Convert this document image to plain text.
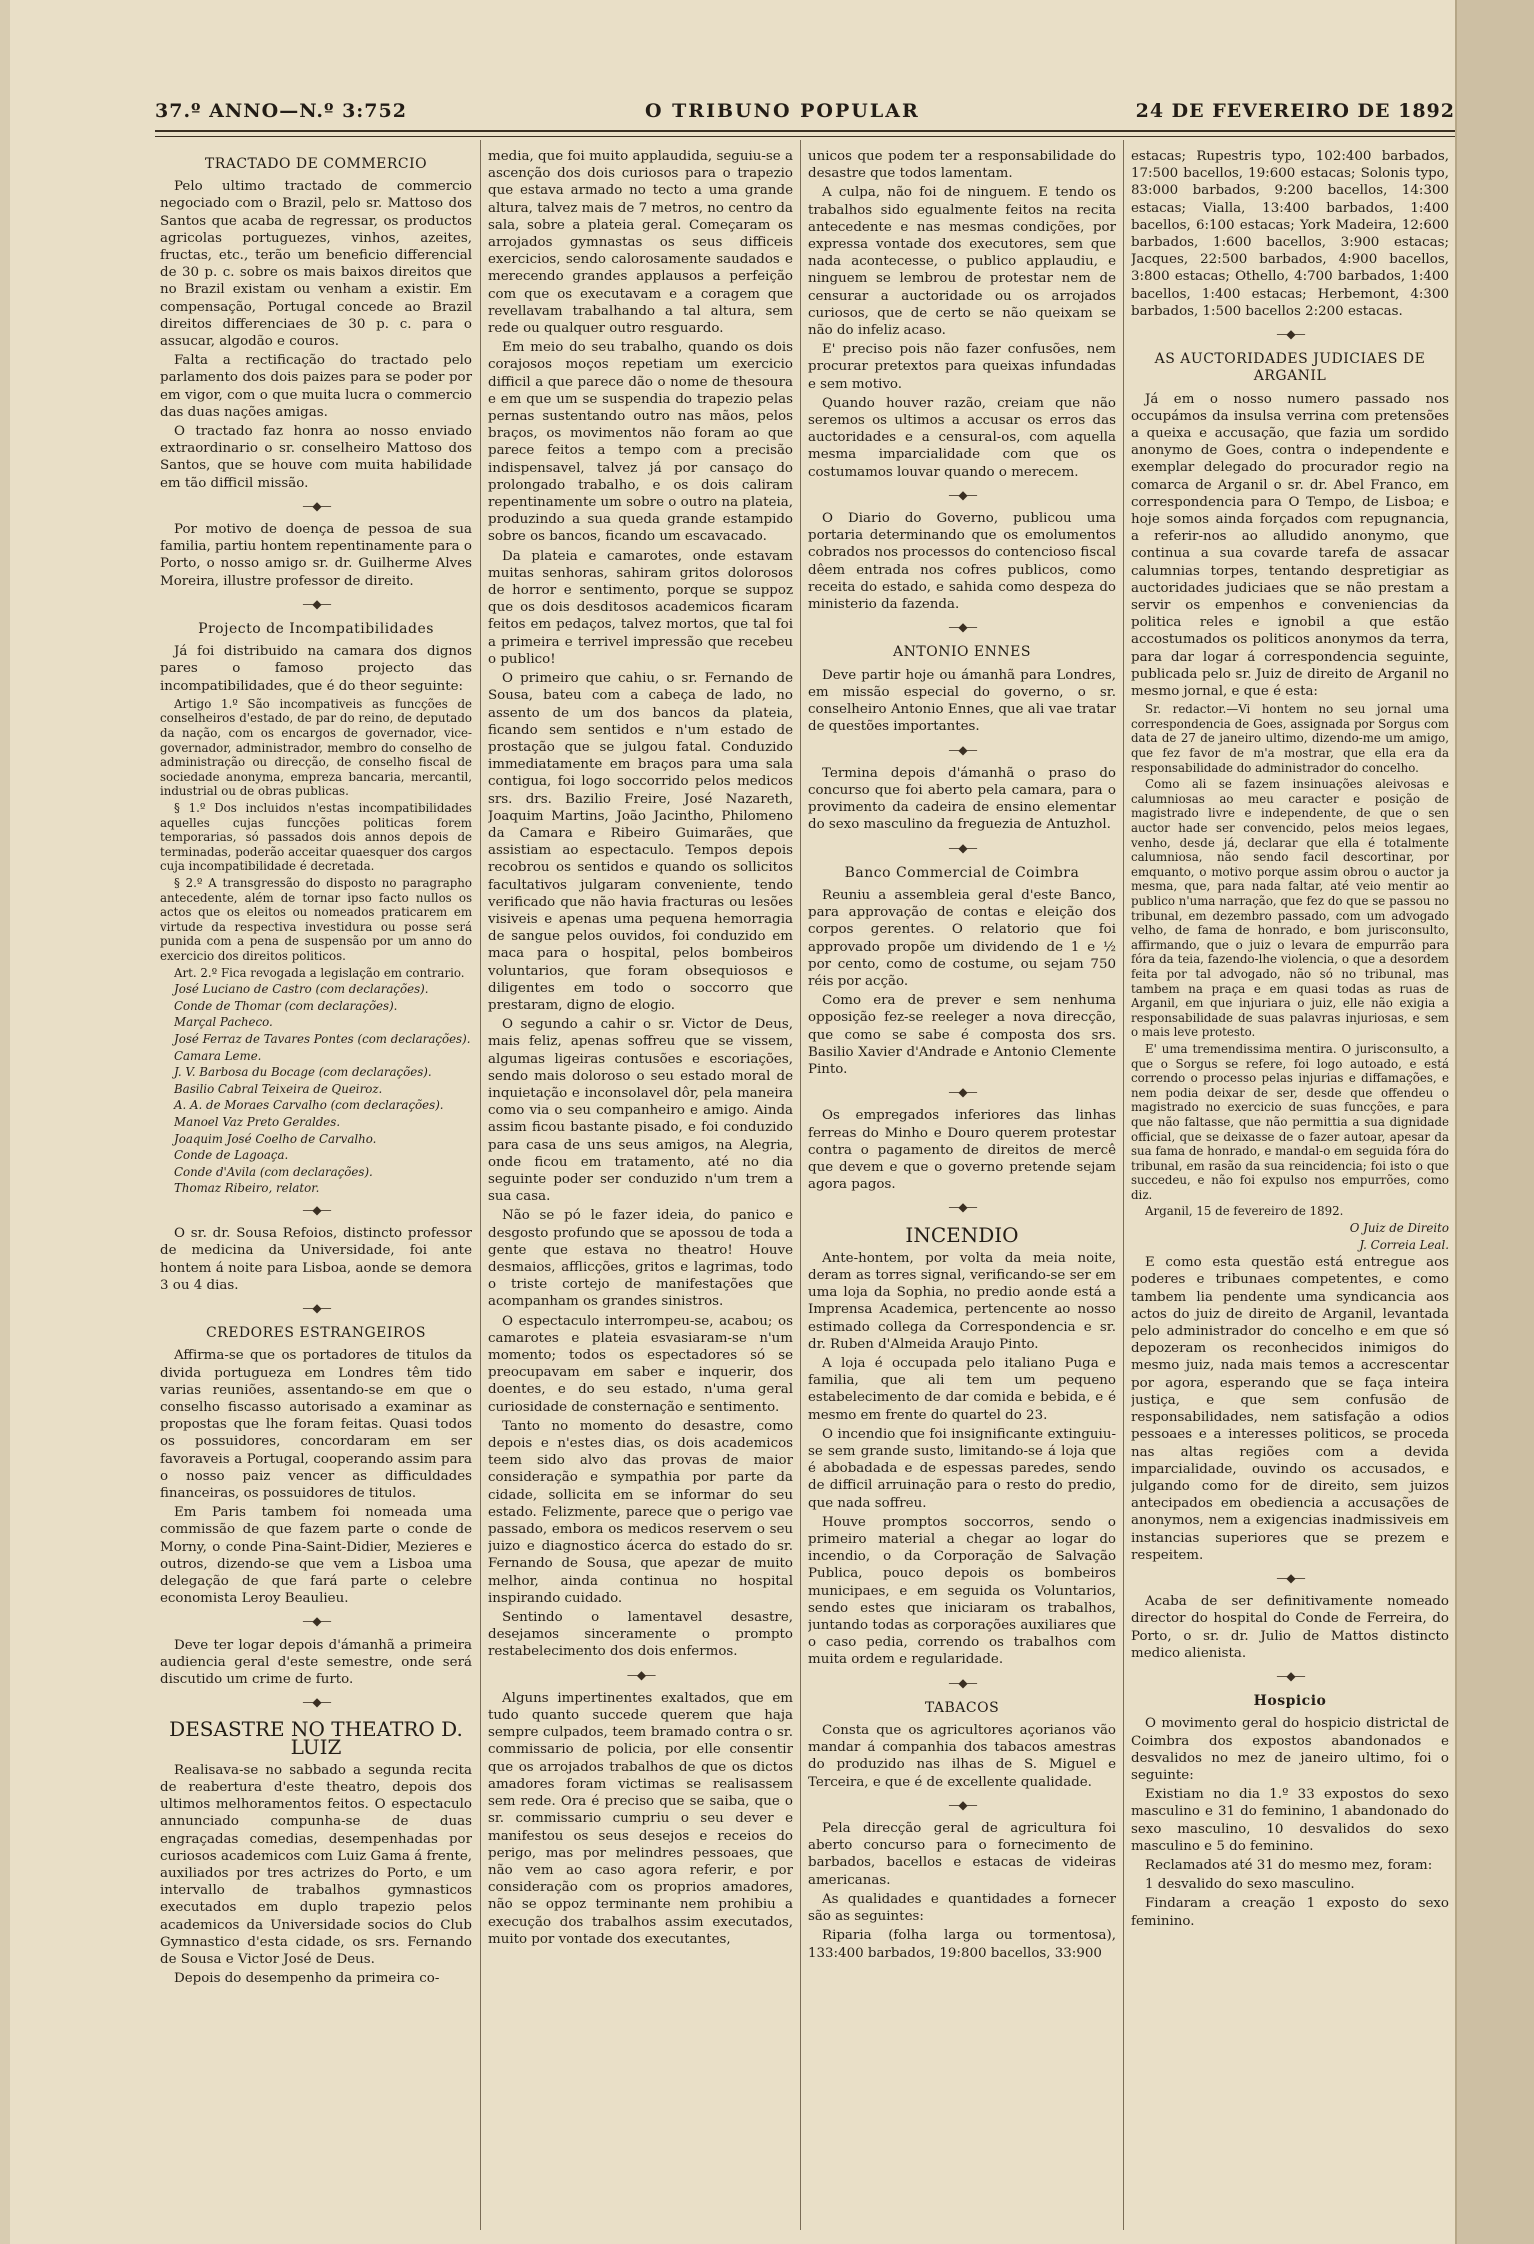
37.º ANNO—N.º 3:752	O TRIBUNO POPULAR	24 DE FEVEREIRO DE 1892
TRACTADO DE COMMERCIO

Pelo ultimo tractado de commercio negociado com o Brazil, pelo sr. Mattoso dos Santos que acaba de regressar, os productos agricolas portuguezes, vinhos, azeites, fructas, etc., terão um beneficio differencial de 30 p. c. sobre os mais baixos direitos que no Brazil existam ou venham a existir. Em compensação, Portugal concede ao Brazil direitos differenciaes de 30 p. c. para o assucar, algodão e couros.

Falta a rectificação do tractado pelo parlamento dos dois paizes para se poder por em vigor, com o que muita lucra o commercio das duas nações amigas.

O tractado faz honra ao nosso enviado extraordinario o sr. conselheiro Mattoso dos Santos, que se houve com muita habilidade em tão difficil missão.

—◆—

Por motivo de doença de pessoa de sua familia, partiu hontem repentinamente para o Porto, o nosso amigo sr. dr. Guilherme Alves Moreira, illustre professor de direito.

—◆—
Projecto de Incompatibilidades

Já foi distribuido na camara dos dignos pares o famoso projecto das incompatibilidades, que é do theor seguinte:

Artigo 1.º São incompativeis as funcções de conselheiros d'estado, de par do reino, de deputado da nação, com os encargos de governador, vice-governador, administrador, membro do conselho de administração ou direcção, de conselho fiscal de sociedade anonyma, empreza bancaria, mercantil, industrial ou de obras publicas.

§ 1.º Dos incluidos n'estas incompatibilidades aquelles cujas funcções politicas forem temporarias, só passados dois annos depois de terminadas, poderão acceitar quaesquer dos cargos cuja incompatibilidade é decretada.

§ 2.º A transgressão do disposto no paragrapho antecedente, além de tornar ipso facto nullos os actos que os eleitos ou nomeados praticarem em virtude da respectiva investidura ou posse será punida com a pena de suspensão por um anno do exercicio dos direitos politicos.

Art. 2.º Fica revogada a legislação em contrario.

José Luciano de Castro (com declarações).

Conde de Thomar (com declarações).

Marçal Pacheco.

José Ferraz de Tavares Pontes (com declarações).

Camara Leme.

J. V. Barbosa du Bocage (com declarações).

Basilio Cabral Teixeira de Queiroz.

A. A. de Moraes Carvalho (com declarações).

Manoel Vaz Preto Geraldes.

Joaquim José Coelho de Carvalho.

Conde de Lagoaça.

Conde d'Avila (com declarações).

Thomaz Ribeiro, relator.

—◆—

O sr. dr. Sousa Refoios, distincto professor de medicina da Universidade, foi ante hontem á noite para Lisboa, aonde se demora 3 ou 4 dias.

—◆—
CREDORES ESTRANGEIROS

Affirma-se que os portadores de titulos da divida portugueza em Londres têm tido varias reuniões, assentando-se em que o conselho fiscasso autorisado a examinar as propostas que lhe foram feitas. Quasi todos os possuidores, concordaram em ser favoraveis a Portugal, cooperando assim para o nosso paiz vencer as difficuldades financeiras, os possuidores de titulos.

Em Paris tambem foi nomeada uma commissão de que fazem parte o conde de Morny, o conde Pina-Saint-Didier, Mezieres e outros, dizendo-se que vem a Lisboa uma delegação de que fará parte o celebre economista Leroy Beaulieu.

—◆—

Deve ter logar depois d'ámanhã a primeira audiencia geral d'este semestre, onde será discutido um crime de furto.

—◆—
DESASTRE NO THEATRO D. LUIZ

Realisava-se no sabbado a segunda recita de reabertura d'este theatro, depois dos ultimos melhoramentos feitos. O espectaculo annunciado compunha-se de duas engraçadas comedias, desempenhadas por curiosos academicos com Luiz Gama á frente, auxiliados por tres actrizes do Porto, e um intervallo de trabalhos gymnasticos executados em duplo trapezio pelos academicos da Universidade socios do Club Gymnastico d'esta cidade, os srs. Fernando de Sousa e Victor José de Deus.

Depois do desempenho da primeira co-

media, que foi muito applaudida, seguiu-se a ascenção dos dois curiosos para o trapezio que estava armado no tecto a uma grande altura, talvez mais de 7 metros, no centro da sala, sobre a plateia geral. Começaram os arrojados gymnastas os seus difficeis exercicios, sendo calorosamente saudados e merecendo grandes applausos a perfeição com que os executavam e a coragem que revellavam trabalhando a tal altura, sem rede ou qualquer outro resguardo.

Em meio do seu trabalho, quando os dois corajosos moços repetiam um exercicio difficil a que parece dão o nome de thesoura e em que um se suspendia do trapezio pelas pernas sustentando outro nas mãos, pelos braços, os movimentos não foram ao que parece feitos a tempo com a precisão indispensavel, talvez já por cansaço do prolongado trabalho, e os dois caliram repentinamente um sobre o outro na plateia, produzindo a sua queda grande estampido sobre os bancos, ficando um escavacado.

Da plateia e camarotes, onde estavam muitas senhoras, sahiram gritos dolorosos de horror e sentimento, porque se suppoz que os dois desditosos academicos ficaram feitos em pedaços, talvez mortos, que tal foi a primeira e terrivel impressão que recebeu o publico!

O primeiro que cahiu, o sr. Fernando de Sousa, bateu com a cabeça de lado, no assento de um dos bancos da plateia, ficando sem sentidos e n'um estado de prostação que se julgou fatal. Conduzido immediatamente em braços para uma sala contigua, foi logo soccorrido pelos medicos srs. drs. Bazilio Freire, José Nazareth, Joaquim Martins, João Jacintho, Philomeno da Camara e Ribeiro Guimarães, que assistiam ao espectaculo. Tempos depois recobrou os sentidos e quando os sollicitos facultativos julgaram conveniente, tendo verificado que não havia fracturas ou lesões visiveis e apenas uma pequena hemorragia de sangue pelos ouvidos, foi conduzido em maca para o hospital, pelos bombeiros voluntarios, que foram obsequiosos e diligentes em todo o soccorro que prestaram, digno de elogio.

O segundo a cahir o sr. Victor de Deus, mais feliz, apenas soffreu que se vissem, algumas ligeiras contusões e escoriações, sendo mais doloroso o seu estado moral de inquietação e inconsolavel dôr, pela maneira como via o seu companheiro e amigo. Ainda assim ficou bastante pisado, e foi conduzido para casa de uns seus amigos, na Alegria, onde ficou em tratamento, até no dia seguinte poder ser conduzido n'um trem a sua casa.

Não se pó le fazer ideia, do panico e desgosto profundo que se apossou de toda a gente que estava no theatro! Houve desmaios, afflicções, gritos e lagrimas, todo o triste cortejo de manifestações que acompanham os grandes sinistros.

O espectaculo interrompeu-se, acabou; os camarotes e plateia esvasiaram-se n'um momento; todos os espectadores só se preocupavam em saber e inquerir, dos doentes, e do seu estado, n'uma geral curiosidade de consternação e sentimento.

Tanto no momento do desastre, como depois e n'estes dias, os dois academicos teem sido alvo das provas de maior consideração e sympathia por parte da cidade, sollicita em se informar do seu estado. Felizmente, parece que o perigo vae passado, embora os medicos reservem o seu juizo e diagnostico ácerca do estado do sr. Fernando de Sousa, que apezar de muito melhor, ainda continua no hospital inspirando cuidado.

Sentindo o lamentavel desastre, desejamos sinceramente o prompto restabelecimento dos dois enfermos.

—◆—

Alguns impertinentes exaltados, que em tudo quanto succede querem que haja sempre culpados, teem bramado contra o sr. commissario de policia, por elle consentir que os arrojados trabalhos de que os dictos amadores foram victimas se realisassem sem rede. Ora é preciso que se saiba, que o sr. commissario cumpriu o seu dever e manifestou os seus desejos e receios do perigo, mas por melindres pessoaes, que não vem ao caso agora referir, e por consideração com os proprios amadores, não se oppoz terminante nem prohibiu a execução dos trabalhos assim executados, muito por vontade dos executantes,

unicos que podem ter a responsabilidade do desastre que todos lamentam.

A culpa, não foi de ninguem. E tendo os trabalhos sido egualmente feitos na recita antecedente e nas mesmas condições, por expressa vontade dos executores, sem que nada acontecesse, o publico applaudiu, e ninguem se lembrou de protestar nem de censurar a auctoridade ou os arrojados curiosos, que de certo se não queixam se não do infeliz acaso.

E' preciso pois não fazer confusões, nem procurar pretextos para queixas infundadas e sem motivo.

Quando houver razão, creiam que não seremos os ultimos a accusar os erros das auctoridades e a censural-os, com aquella mesma imparcialidade com que os costumamos louvar quando o merecem.

—◆—

O Diario do Governo, publicou uma portaria determinando que os emolumentos cobrados nos processos do contencioso fiscal dêem entrada nos cofres publicos, como receita do estado, e sahida como despeza do ministerio da fazenda.

—◆—
ANTONIO ENNES

Deve partir hoje ou ámanhã para Londres, em missão especial do governo, o sr. conselheiro Antonio Ennes, que ali vae tratar de questões importantes.

—◆—

Termina depois d'ámanhã o praso do concurso que foi aberto pela camara, para o provimento da cadeira de ensino elementar do sexo masculino da freguezia de Antuzhol.

—◆—
Banco Commercial de Coimbra

Reuniu a assembleia geral d'este Banco, para approvação de contas e eleição dos corpos gerentes. O relatorio que foi approvado propõe um dividendo de 1 e ½ por cento, como de costume, ou sejam 750 réis por acção.

Como era de prever e sem nenhuma opposição fez-se reeleger a nova direcção, que como se sabe é composta dos srs. Basilio Xavier d'Andrade e Antonio Clemente Pinto.

—◆—

Os empregados inferiores das linhas ferreas do Minho e Douro querem protestar contra o pagamento de direitos de mercê que devem e que o governo pretende sejam agora pagos.

—◆—
INCENDIO

Ante-hontem, por volta da meia noite, deram as torres signal, verificando-se ser em uma loja da Sophia, no predio aonde está a Imprensa Academica, pertencente ao nosso estimado collega da Correspondencia e sr. dr. Ruben d'Almeida Araujo Pinto.

A loja é occupada pelo italiano Puga e familia, que ali tem um pequeno estabelecimento de dar comida e bebida, e é mesmo em frente do quartel do 23.

O incendio que foi insignificante extinguiu-se sem grande susto, limitando-se á loja que é abobadada e de espessas paredes, sendo de difficil arruinação para o resto do predio, que nada soffreu.

Houve promptos soccorros, sendo o primeiro material a chegar ao logar do incendio, o da Corporação de Salvação Publica, pouco depois os bombeiros municipaes, e em seguida os Voluntarios, sendo estes que iniciaram os trabalhos, juntando todas as corporações auxiliares que o caso pedia, correndo os trabalhos com muita ordem e regularidade.

—◆—
TABACOS

Consta que os agricultores açorianos vão mandar á companhia dos tabacos amestras do produzido nas ilhas de S. Miguel e Terceira, e que é de excellente qualidade.

—◆—

Pela direcção geral de agricultura foi aberto concurso para o fornecimento de barbados, bacellos e estacas de videiras americanas.

As qualidades e quantidades a fornecer são as seguintes:

Riparia (folha larga ou tormentosa), 133:400 barbados, 19:800 bacellos, 33:900

estacas; Rupestris typo, 102:400 barbados, 17:500 bacellos, 19:600 estacas; Solonis typo, 83:000 barbados, 9:200 bacellos, 14:300 estacas; Vialla, 13:400 barbados, 1:400 bacellos, 6:100 estacas; York Madeira, 12:600 barbados, 1:600 bacellos, 3:900 estacas; Jacques, 22:500 barbados, 4:900 bacellos, 3:800 estacas; Othello, 4:700 barbados, 1:400 bacellos, 1:400 estacas; Herbemont, 4:300 barbados, 1:500 bacellos 2:200 estacas.

—◆—
AS AUCTORIDADES JUDICIAES DE ARGANIL

Já em o nosso numero passado nos occupámos da insulsa verrina com pretensões a queixa e accusação, que fazia um sordido anonymo de Goes, contra o independente e exemplar delegado do procurador regio na comarca de Arganil o sr. dr. Abel Franco, em correspondencia para O Tempo, de Lisboa; e hoje somos ainda forçados com repugnancia, a referir-nos ao alludido anonymo, que continua a sua covarde tarefa de assacar calumnias torpes, tentando despretigiar as auctoridades judiciaes que se não prestam a servir os empenhos e conveniencias da politica reles e ignobil a que estão accostumados os politicos anonymos da terra, para dar logar á correspondencia seguinte, publicada pelo sr. Juiz de direito de Arganil no mesmo jornal, e que é esta:

Sr. redactor.—Vi hontem no seu jornal uma correspondencia de Goes, assignada por Sorgus com data de 27 de janeiro ultimo, dizendo-me um amigo, que fez favor de m'a mostrar, que ella era da responsabilidade do administrador do concelho.

Como ali se fazem insinuações aleivosas e calumniosas ao meu caracter e posição de magistrado livre e independente, de que o sen auctor hade ser convencido, pelos meios legaes, venho, desde já, declarar que ella é totalmente calumniosa, não sendo facil descortinar, por emquanto, o motivo porque assim obrou o auctor ja mesma, que, para nada faltar, até veio mentir ao publico n'uma narração, que fez do que se passou no tribunal, em dezembro passado, com um advogado velho, de fama de honrado, e bom jurisconsulto, affirmando, que o juiz o levara de empurrão para fóra da teia, fazendo-lhe violencia, o que a desordem feita por tal advogado, não só no tribunal, mas tambem na praça e em quasi todas as ruas de Arganil, em que injuriara o juiz, elle não exigia a responsabilidade de suas palavras injuriosas, e sem o mais leve protesto.

E' uma tremendissima mentira. O jurisconsulto, a que o Sorgus se refere, foi logo autoado, e está correndo o processo pelas injurias e diffamações, e nem podia deixar de ser, desde que offendeu o magistrado no exercicio de suas funcções, e para que não faltasse, que não permittia a sua dignidade official, que se deixasse de o fazer autoar, apesar da sua fama de honrado, e mandal-o em seguida fóra do tribunal, em rasão da sua reincidencia; foi isto o que succedeu, e não foi expulso nos empurrões, como diz.

Arganil, 15 de fevereiro de 1892.

O Juiz de Direito

J. Correia Leal.

E como esta questão está entregue aos poderes e tribunaes competentes, e como tambem lia pendente uma syndicancia aos actos do juiz de direito de Arganil, levantada pelo administrador do concelho e em que só depozeram os reconhecidos inimigos do mesmo juiz, nada mais temos a accrescentar por agora, esperando que se faça inteira justiça, e que sem confusão de responsabilidades, nem satisfação a odios pessoaes e a interesses politicos, se proceda nas altas regiões com a devida imparcialidade, ouvindo os accusados, e julgando como for de direito, sem juizos antecipados em obediencia a accusações de anonymos, nem a exigencias inadmissiveis em instancias superiores que se prezem e respeitem.

—◆—

Acaba de ser definitivamente nomeado director do hospital do Conde de Ferreira, do Porto, o sr. dr. Julio de Mattos distincto medico alienista.

—◆—
Hospicio

O movimento geral do hospicio districtal de Coimbra dos expostos abandonados e desvalidos no mez de janeiro ultimo, foi o seguinte:

Existiam no dia 1.º 33 expostos do sexo masculino e 31 do feminino, 1 abandonado do sexo masculino, 10 desvalidos do sexo masculino e 5 do feminino.

Reclamados até 31 do mesmo mez, foram:

1 desvalido do sexo masculino.

Findaram a creação 1 exposto do sexo feminino.
